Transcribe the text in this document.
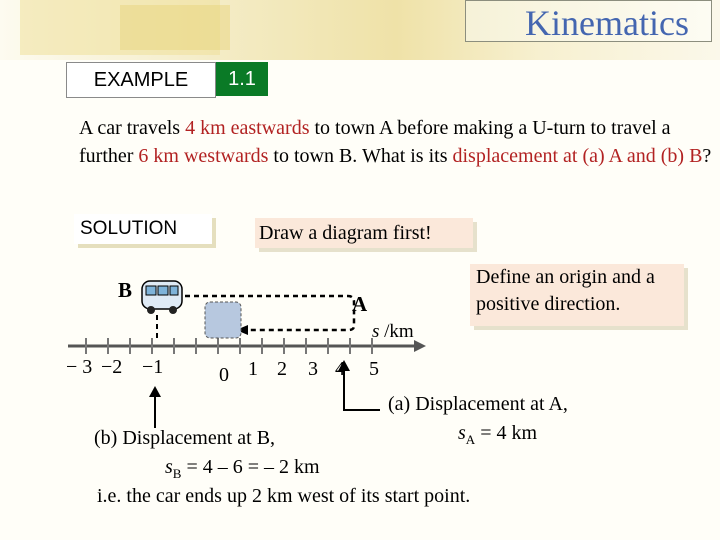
Kinematics
EXAMPLE	1.1
A car travels 4 km eastwards to town A before making a U-turn to travel a further 6 km westwards to town B. What is its displacement at (a) A and (b) B?
SOLUTION	Draw a diagram first!
Define an origin and a positive direction.
B
A
s /km
− 3 −2 −1	0 1 2 3 4 5
(a) Displacement at A,
$s_A = 4$ km
(b) Displacement at B,
$s_B = 4 - 6$ = – 2 km
i.e. the car ends up 2 km west of its start point.
